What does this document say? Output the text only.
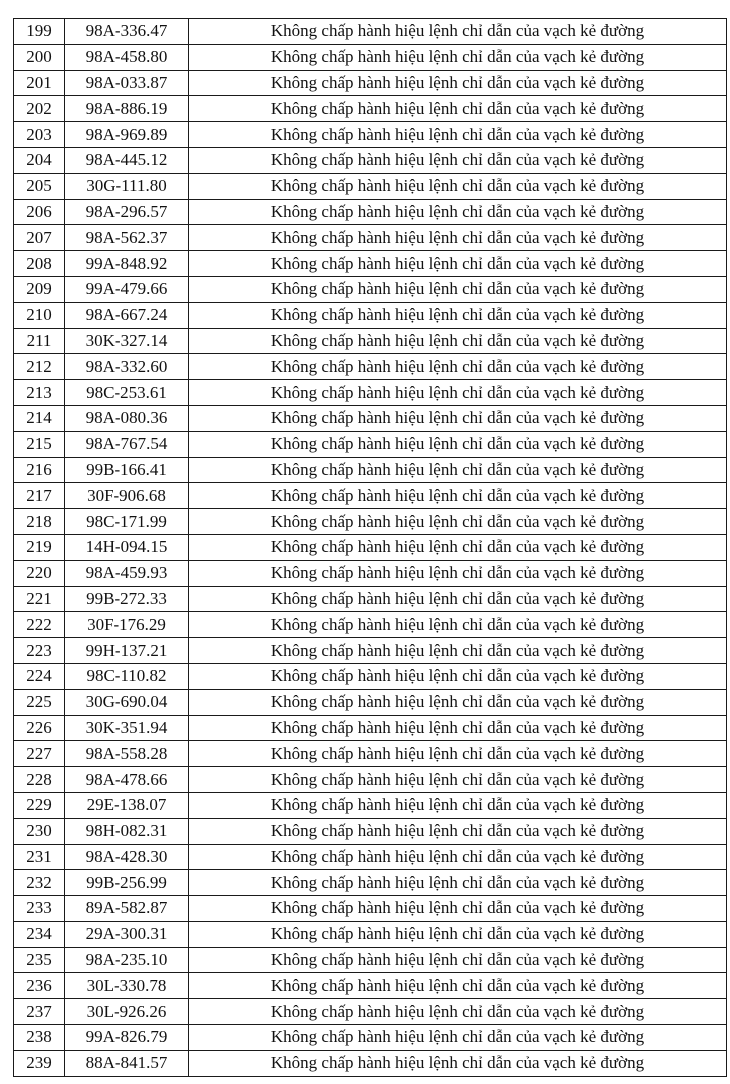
199	98A-336.47	Không chấp hành hiệu lệnh chỉ dẫn của vạch kẻ đường
200	98A-458.80	Không chấp hành hiệu lệnh chỉ dẫn của vạch kẻ đường
201	98A-033.87	Không chấp hành hiệu lệnh chỉ dẫn của vạch kẻ đường
202	98A-886.19	Không chấp hành hiệu lệnh chỉ dẫn của vạch kẻ đường
203	98A-969.89	Không chấp hành hiệu lệnh chỉ dẫn của vạch kẻ đường
204	98A-445.12	Không chấp hành hiệu lệnh chỉ dẫn của vạch kẻ đường
205	30G-111.80	Không chấp hành hiệu lệnh chỉ dẫn của vạch kẻ đường
206	98A-296.57	Không chấp hành hiệu lệnh chỉ dẫn của vạch kẻ đường
207	98A-562.37	Không chấp hành hiệu lệnh chỉ dẫn của vạch kẻ đường
208	99A-848.92	Không chấp hành hiệu lệnh chỉ dẫn của vạch kẻ đường
209	99A-479.66	Không chấp hành hiệu lệnh chỉ dẫn của vạch kẻ đường
210	98A-667.24	Không chấp hành hiệu lệnh chỉ dẫn của vạch kẻ đường
211	30K-327.14	Không chấp hành hiệu lệnh chỉ dẫn của vạch kẻ đường
212	98A-332.60	Không chấp hành hiệu lệnh chỉ dẫn của vạch kẻ đường
213	98C-253.61	Không chấp hành hiệu lệnh chỉ dẫn của vạch kẻ đường
214	98A-080.36	Không chấp hành hiệu lệnh chỉ dẫn của vạch kẻ đường
215	98A-767.54	Không chấp hành hiệu lệnh chỉ dẫn của vạch kẻ đường
216	99B-166.41	Không chấp hành hiệu lệnh chỉ dẫn của vạch kẻ đường
217	30F-906.68	Không chấp hành hiệu lệnh chỉ dẫn của vạch kẻ đường
218	98C-171.99	Không chấp hành hiệu lệnh chỉ dẫn của vạch kẻ đường
219	14H-094.15	Không chấp hành hiệu lệnh chỉ dẫn của vạch kẻ đường
220	98A-459.93	Không chấp hành hiệu lệnh chỉ dẫn của vạch kẻ đường
221	99B-272.33	Không chấp hành hiệu lệnh chỉ dẫn của vạch kẻ đường
222	30F-176.29	Không chấp hành hiệu lệnh chỉ dẫn của vạch kẻ đường
223	99H-137.21	Không chấp hành hiệu lệnh chỉ dẫn của vạch kẻ đường
224	98C-110.82	Không chấp hành hiệu lệnh chỉ dẫn của vạch kẻ đường
225	30G-690.04	Không chấp hành hiệu lệnh chỉ dẫn của vạch kẻ đường
226	30K-351.94	Không chấp hành hiệu lệnh chỉ dẫn của vạch kẻ đường
227	98A-558.28	Không chấp hành hiệu lệnh chỉ dẫn của vạch kẻ đường
228	98A-478.66	Không chấp hành hiệu lệnh chỉ dẫn của vạch kẻ đường
229	29E-138.07	Không chấp hành hiệu lệnh chỉ dẫn của vạch kẻ đường
230	98H-082.31	Không chấp hành hiệu lệnh chỉ dẫn của vạch kẻ đường
231	98A-428.30	Không chấp hành hiệu lệnh chỉ dẫn của vạch kẻ đường
232	99B-256.99	Không chấp hành hiệu lệnh chỉ dẫn của vạch kẻ đường
233	89A-582.87	Không chấp hành hiệu lệnh chỉ dẫn của vạch kẻ đường
234	29A-300.31	Không chấp hành hiệu lệnh chỉ dẫn của vạch kẻ đường
235	98A-235.10	Không chấp hành hiệu lệnh chỉ dẫn của vạch kẻ đường
236	30L-330.78	Không chấp hành hiệu lệnh chỉ dẫn của vạch kẻ đường
237	30L-926.26	Không chấp hành hiệu lệnh chỉ dẫn của vạch kẻ đường
238	99A-826.79	Không chấp hành hiệu lệnh chỉ dẫn của vạch kẻ đường
239	88A-841.57	Không chấp hành hiệu lệnh chỉ dẫn của vạch kẻ đường
